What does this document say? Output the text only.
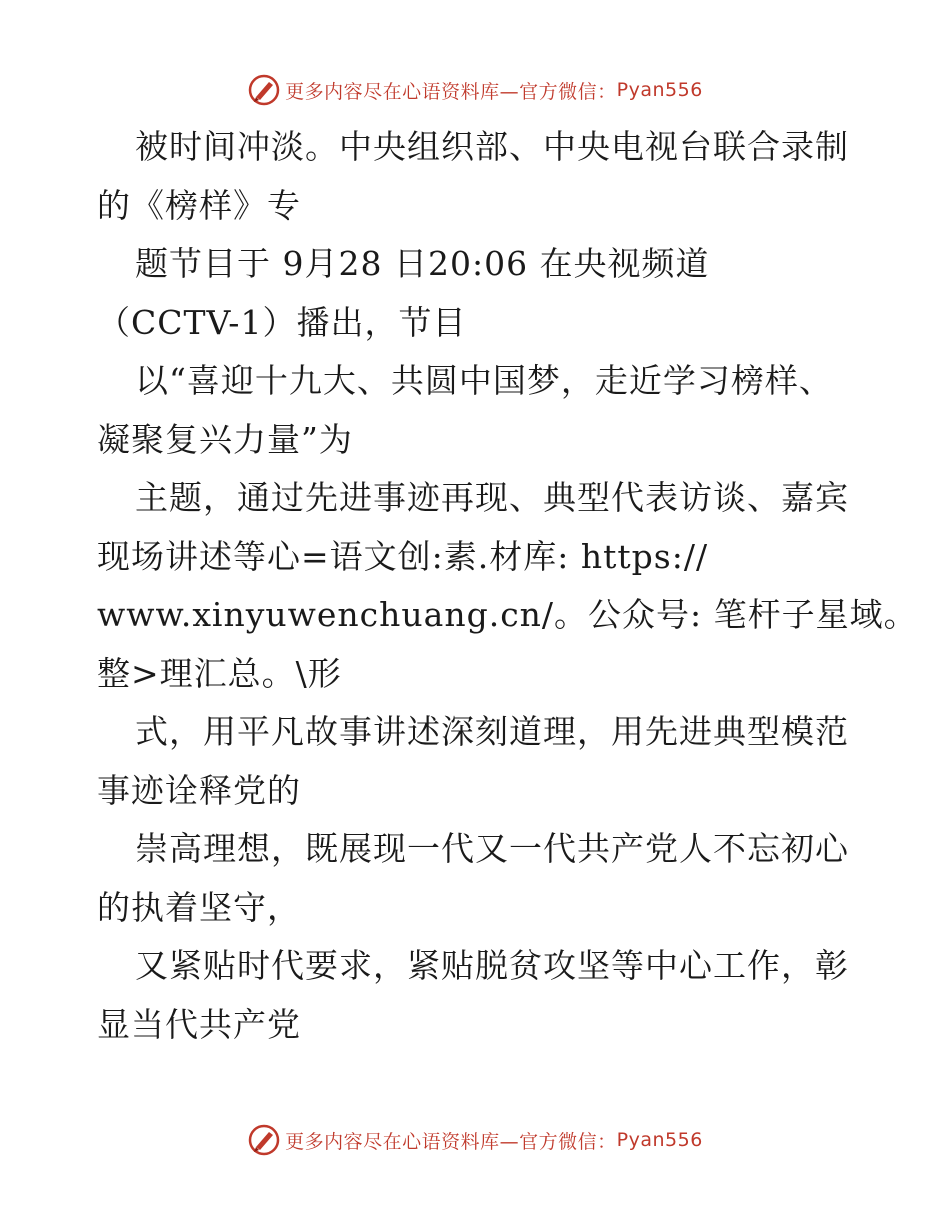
更多内容尽在心语资料库—官方微信： Pyan556
被时间冲淡。中央组织部、中央电视台联合录制
的《榜样》专
题节目于 9月28 日20:06 在央视频道
（CCTV-1）播出，节目
以“喜迎十九大、共圆中国梦，走近学习榜样、
凝聚复兴力量”为
主题，通过先进事迹再现、典型代表访谈、嘉宾
现场讲述等心=语文创:素.材库: https://
www.xinyuwenchuang.cn/。公众号: 笔杆子星域。
整>理汇总。\形
式，用平凡故事讲述深刻道理，用先进典型模范
事迹诠释党的
崇高理想，既展现一代又一代共产党人不忘初心
的执着坚守，
又紧贴时代要求，紧贴脱贫攻坚等中心工作，彰
显当代共产党
更多内容尽在心语资料库—官方微信： Pyan556
